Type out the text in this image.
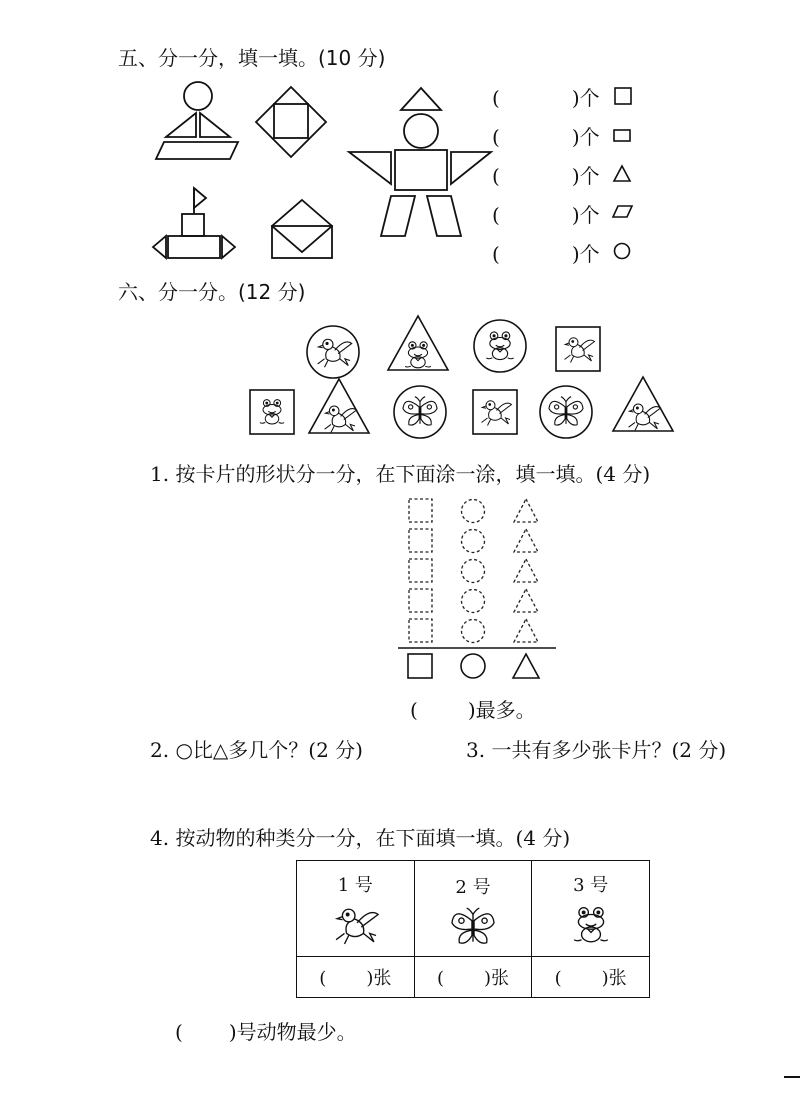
五、分一分，填一填。(10 分)
(	)个
(	)个
(	)个
(	)个
(	)个
六、分一分。(12 分)
1. 按卡片的形状分一分，在下面涂一涂，填一填。(4 分)
(	)最多。
2. ○比△多几个？(2 分)	3. 一共有多少张卡片？(2 分)
4. 按动物的种类分一分，在下面填一填。(4 分)
1 号	2 号	3 号

( )张	( )张	( )张
( )号动物最少。
